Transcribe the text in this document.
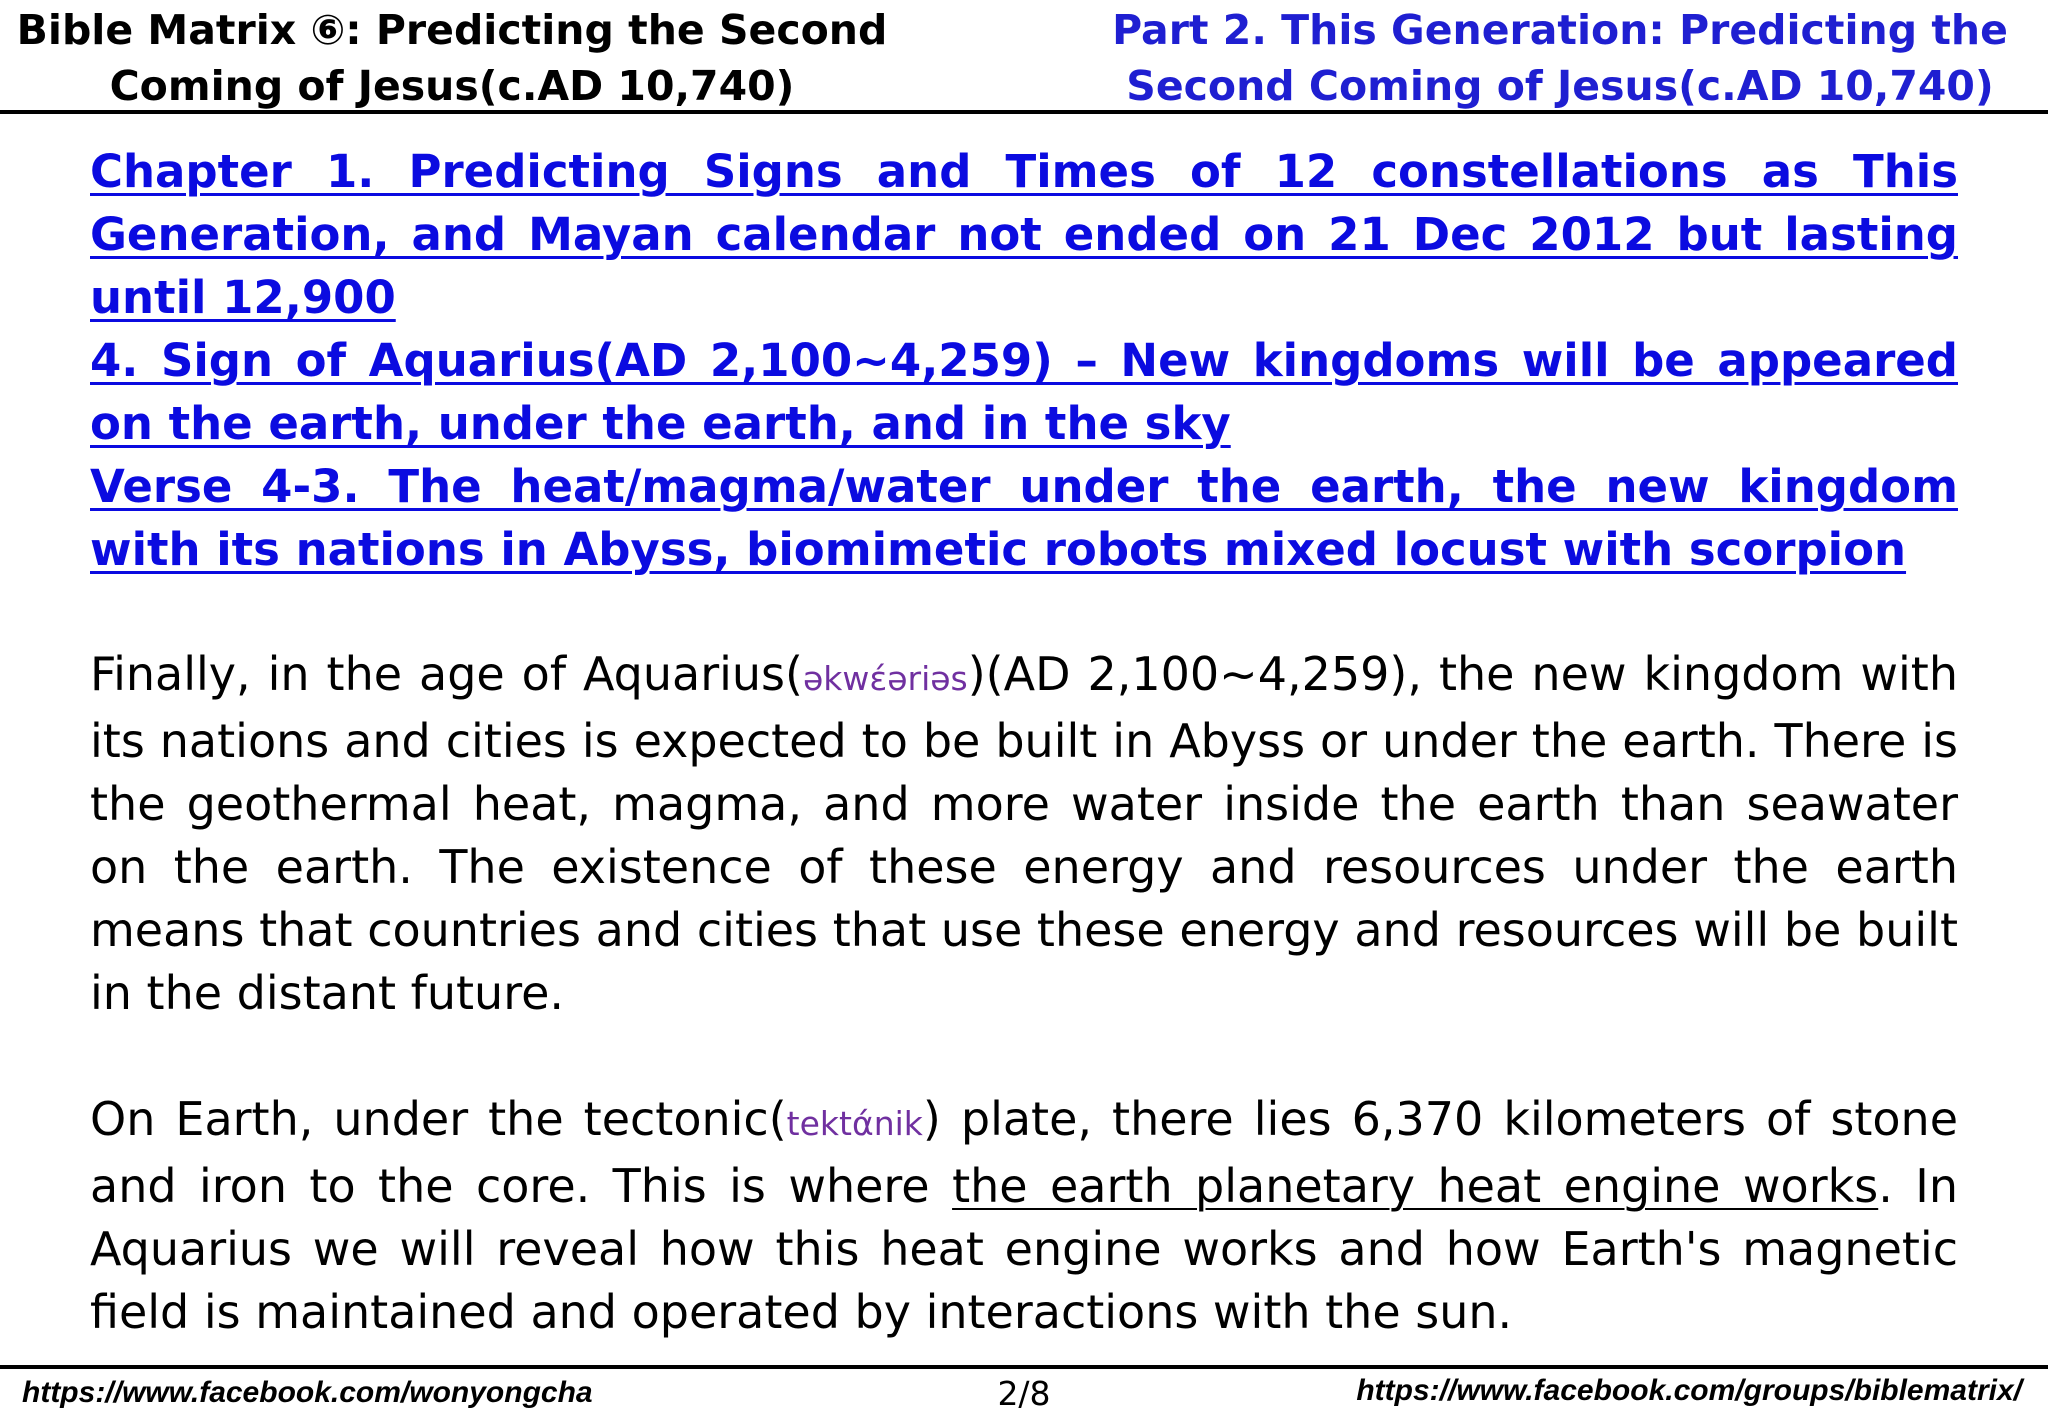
Bible Matrix ⑥: Predicting the Second
Coming of Jesus(c.AD 10,740)
Part 2. This Generation: Predicting the
Second Coming of Jesus(c.AD 10,740)
Chapter 1. Predicting Signs and Times of 12 constellations as This Generation, and Mayan calendar not ended on 21 Dec 2012 but lasting until 12,900
4. Sign of Aquarius(AD 2,100~4,259) – New kingdoms will be appeared on the earth, under the earth, and in the sky
Verse 4-3. The heat/magma/water under the earth, the new kingdom with its nations in Abyss, biomimetic robots mixed locust with scorpion

Finally, in the age of Aquarius(əkwɛ́əriəs)(AD 2,100~4,259), the new kingdom with its nations and cities is expected to be built in Abyss or under the earth. There is the geothermal heat, magma, and more water inside the earth than seawater on the earth. The existence of these energy and resources under the earth means that countries and cities that use these energy and resources will be built in the distant future.

On Earth, under the tectonic(tektάnik) plate, there lies 6,370 kilometers of stone and iron to the core. This is where the earth planetary heat engine works. In Aquarius we will reveal how this heat engine works and how Earth's magnetic field is maintained and operated by interactions with the sun.

https://www.facebook.com/wonyongcha	2/8	https://www.facebook.com/groups/biblematrix/
